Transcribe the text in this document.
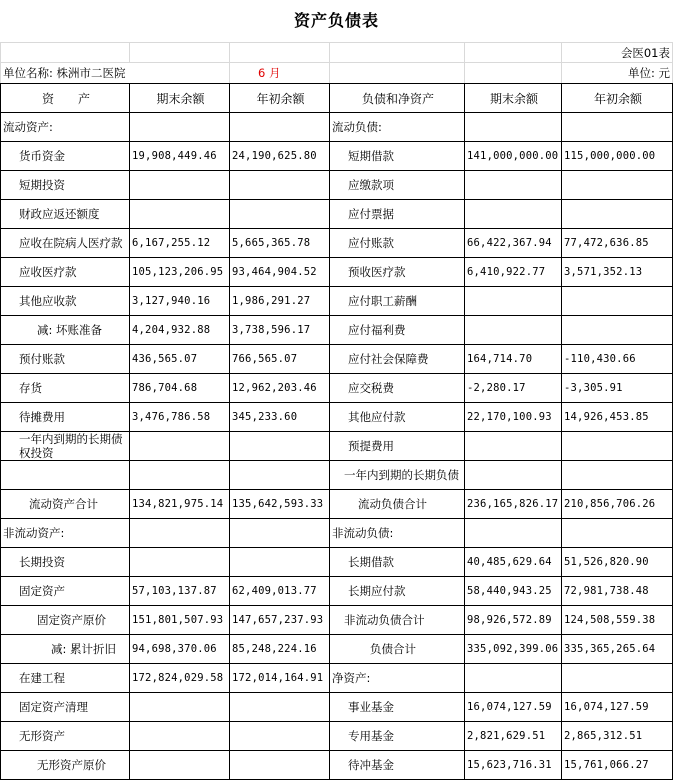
资产负债表
					会医01表
单位名称: 株洲市二医院		6 月			单位: 元
资　　产	期末余额	年初余额	负债和净资产	期末余额	年初余额
流动资产:			流动负债:		
货币资金	19,908,449.46	24,190,625.80	短期借款	141,000,000.00	115,000,000.00
短期投资			应缴款项		
财政应返还额度			应付票据		
应收在院病人医疗款	6,167,255.12	5,665,365.78	应付账款	66,422,367.94	77,472,636.85
应收医疗款	105,123,206.95	93,464,904.52	预收医疗款	6,410,922.77	3,571,352.13
其他应收款	3,127,940.16	1,986,291.27	应付职工薪酬		
减: 坏账准备	4,204,932.88	3,738,596.17	应付福利费		
预付账款	436,565.07	766,565.07	应付社会保障费	164,714.70	-110,430.66
存货	786,704.68	12,962,203.46	应交税费	-2,280.17	-3,305.91
待摊费用	3,476,786.58	345,233.60	其他应付款	22,170,100.93	14,926,453.85
一年内到期的长期债权投资			预提费用		
			一年内到期的长期负债		
流动资产合计	134,821,975.14	135,642,593.33	流动负债合计	236,165,826.17	210,856,706.26
非流动资产:			非流动负债:		
长期投资			长期借款	40,485,629.64	51,526,820.90
固定资产	57,103,137.87	62,409,013.77	长期应付款	58,440,943.25	72,981,738.48
固定资产原价	151,801,507.93	147,657,237.93	非流动负债合计	98,926,572.89	124,508,559.38
减: 累计折旧	94,698,370.06	85,248,224.16	负债合计	335,092,399.06	335,365,265.64
在建工程	172,824,029.58	172,014,164.91	净资产:		
固定资产清理			事业基金	16,074,127.59	16,074,127.59
无形资产			专用基金	2,821,629.51	2,865,312.51
无形资产原价			待冲基金	15,623,716.31	15,761,066.27
